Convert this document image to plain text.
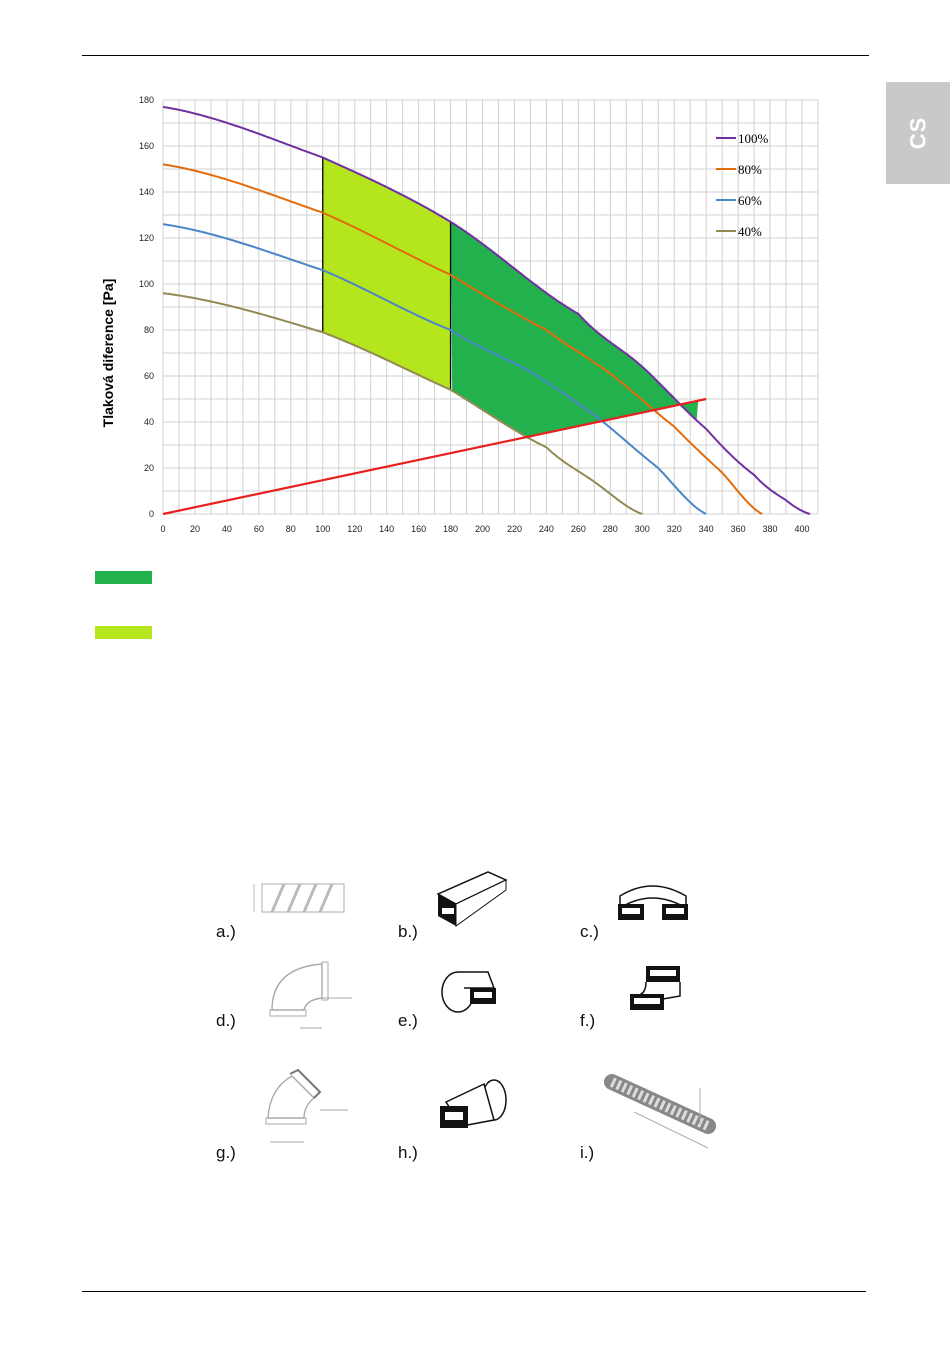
CS
0	20 40 60 80 100 120 140 160 180 200 220 240 260 280 300 320 340 360 380 400
0
20
40
60
80
100
120
140
160
180
Tlaková diference [Pa]
100%
80%
60%
40%
a.)	b.)	c.)
d.)	e.)	f.)
g.)	h.)	i.)
